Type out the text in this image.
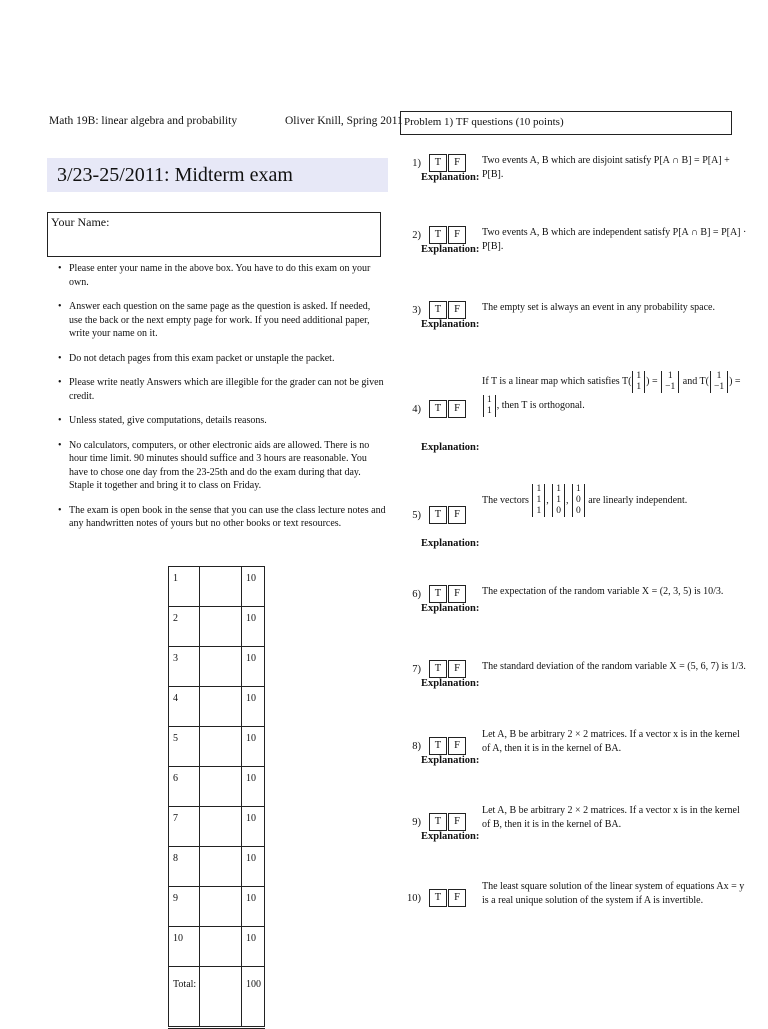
Math 19B: linear algebra and probability	Oliver Knill, Spring 2011
3/23-25/2011: Midterm exam
Your Name:
• Please enter your name in the above box. You have to do this exam on your own.
• Answer each question on the same page as the question is asked. If needed, use the back or the next empty page for work. If you need additional paper, write your name on it.
• Do not detach pages from this exam packet or unstaple the packet.
• Please write neatly Answers which are illegible for the grader can not be given credit.
• Unless stated, give computations, details reasons.
• No calculators, computers, or other electronic aids are allowed. There is no hour time limit. 90 minutes should suffice and 3 hours are reasonable. You have to chose one day from the 23-25th and do the exam during that day. Staple it together and bring it to class on Friday.
• The exam is open book in the sense that you can use the class lecture notes and any handwritten notes of yours but no other books or text resources.
1		10
2		10
3		10
4		10
5		10
6		10
7		10
8		10
9		10
10		10
Total:		100
Problem 1) TF questions (10 points)
1)	T	F
Explanation:
Two events A, B which are disjoint satisfy P[A ∩ B] = P[A] + P[B].
2)	T	F
Explanation:
Two events A, B which are independent satisfy P[A ∩ B] = P[A] · P[B].
3)	T	F
Explanation:
The empty set is always an event in any probability space.
4)	T	F
Explanation:
If T is a linear map which satisfies T(
1
1 ) =
1
−1 and T(
1
−1 ) =

1
1 , then T is orthogonal.
5)	T	F
Explanation:
The vectors
1
1
1
,
1
1
0
,
1
0
0
are linearly independent.
6)	T	F
Explanation:
The expectation of the random variable X = (2, 3, 5) is 10/3.
7)	T	F
Explanation:
The standard deviation of the random variable X = (5, 6, 7) is 1/3.
8)	T	F
Explanation:
Let A, B be arbitrary 2 × 2 matrices. If a vector x is in the kernel of A, then it is in the kernel of BA.
9)	T	F
Explanation:
Let A, B be arbitrary 2 × 2 matrices. If a vector x is in the kernel of B, then it is in the kernel of BA.
10)	T	F
The least square solution of the linear system of equations Ax = y is a real unique solution of the system if A is invertible.
